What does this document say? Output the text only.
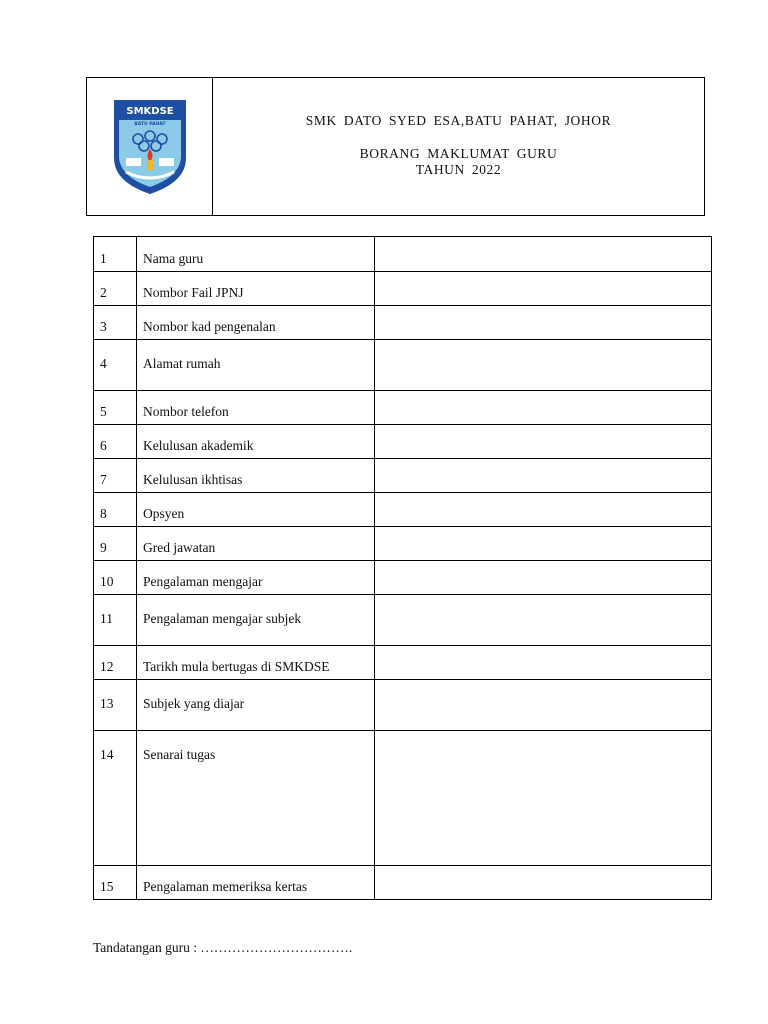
SMKDSE
BATU PAHAT	SMK DATO SYED ESA,BATU PAHAT, JOHOR
BORANG MAKLUMAT GURU
TAHUN 2022
1	Nama guru	
2	Nombor Fail JPNJ	
3	Nombor kad pengenalan	
4	Alamat rumah	
5	Nombor telefon	
6	Kelulusan akademik	
7	Kelulusan ikhtisas	
8	Opsyen	
9	Gred jawatan	
10	Pengalaman mengajar	
11	Pengalaman mengajar subjek	
12	Tarikh mula bertugas di SMKDSE	
13	Subjek yang diajar	
14	Senarai tugas	
15	Pengalaman memeriksa kertas	
Tandatangan guru : …………………………….
